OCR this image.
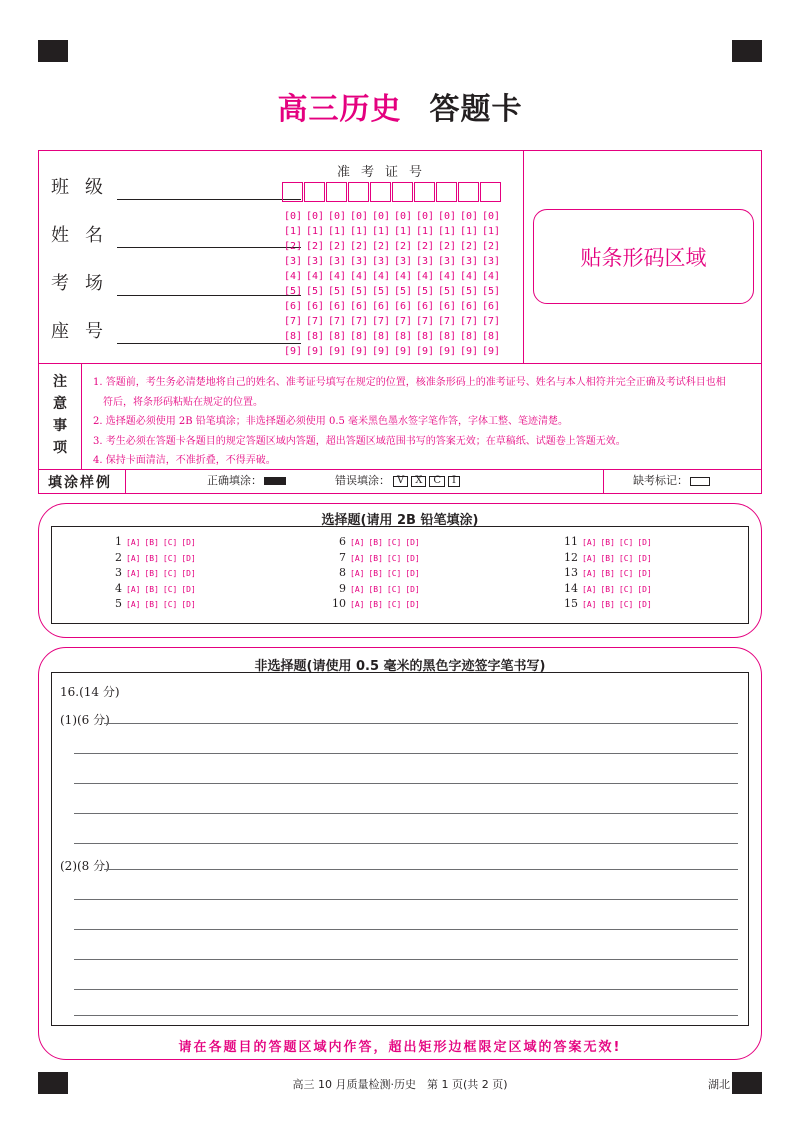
高三历史 答题卡
班级
姓名
考场
座号
准考证号
[0] [0] [0] [0] [0] [0] [0] [0] [0] [0]
[1] [1] [1] [1] [1] [1] [1] [1] [1] [1]
[2] [2] [2] [2] [2] [2] [2] [2] [2] [2]
[3] [3] [3] [3] [3] [3] [3] [3] [3] [3]
[4] [4] [4] [4] [4] [4] [4] [4] [4] [4]
[5] [5] [5] [5] [5] [5] [5] [5] [5] [5]
[6] [6] [6] [6] [6] [6] [6] [6] [6] [6]
[7] [7] [7] [7] [7] [7] [7] [7] [7] [7]
[8] [8] [8] [8] [8] [8] [8] [8] [8] [8]
[9] [9] [9] [9] [9] [9] [9] [9] [9] [9]
贴条形码区域
注
意
事
项

1. 答题前，考生务必清楚地将自己的姓名、准考证号填写在规定的位置，核准条形码上的准考证号、姓名与本人相符并完全正确及考试科目也相

符后，将条形码粘贴在规定的位置。

2. 选择题必须使用 2B 铅笔填涂；非选择题必须使用 0.5 毫米黑色墨水签字笔作答，字体工整、笔迹清楚。

3. 考生必须在答题卡各题目的规定答题区域内答题，超出答题区域范围书写的答案无效；在草稿纸、试题卷上答题无效。

4. 保持卡面清洁，不准折叠，不得弄破。

填涂样例	正确填涂：	错误填涂： V X C I	缺考标记：
选择题(请用 2B 铅笔填涂)
1 [A] [B] [C] [D]
2 [A] [B] [C] [D]
3 [A] [B] [C] [D]
4 [A] [B] [C] [D]
5 [A] [B] [C] [D]
6 [A] [B] [C] [D]
7 [A] [B] [C] [D]
8 [A] [B] [C] [D]
9 [A] [B] [C] [D]
10 [A] [B] [C] [D]
11 [A] [B] [C] [D]
12 [A] [B] [C] [D]
13 [A] [B] [C] [D]
14 [A] [B] [C] [D]
15 [A] [B] [C] [D]
非选择题(请使用 0.5 毫米的黑色字迹签字笔书写)
16.(14 分)
(1)(6 分)
(2)(8 分)
请在各题目的答题区域内作答，超出矩形边框限定区域的答案无效!
高三 10 月质量检测·历史　第 1 页(共 2 页)	湖北
